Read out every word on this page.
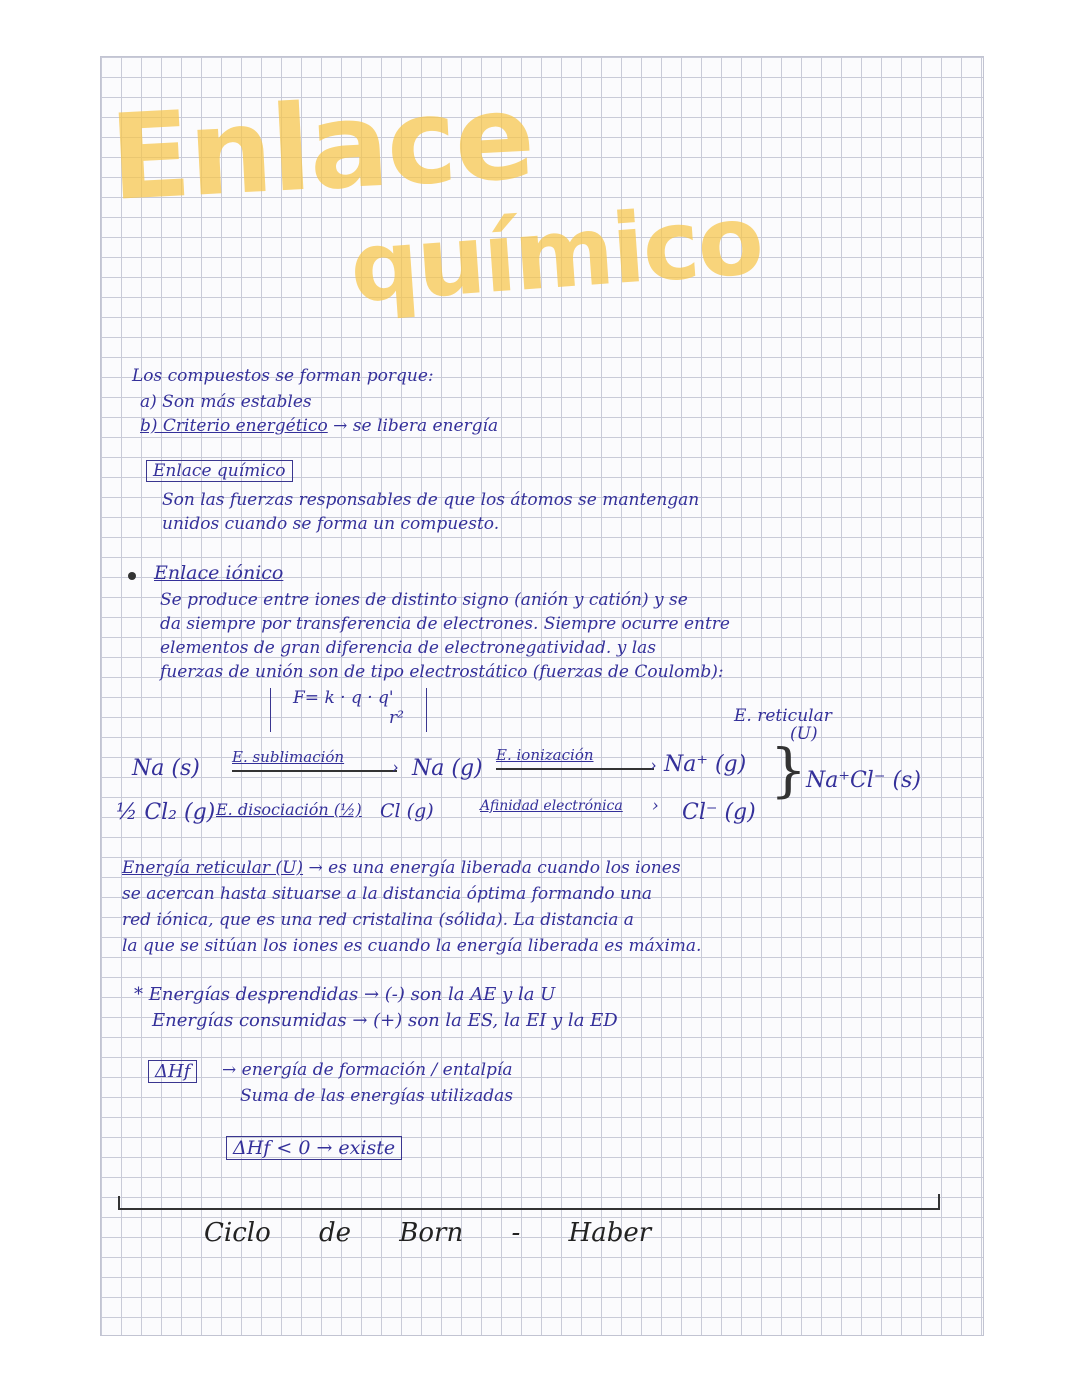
Enlace
químico
Los compuestos se forman porque:
a) Son más estables
b) Criterio energético → se libera energía
Enlace químico
Son las fuerzas responsables de que los átomos se mantengan
unidos cuando se forma un compuesto.
Enlace iónico
Se produce entre iones de distinto signo (anión y catión) y se
da siempre por transferencia de electrones. Siempre ocurre entre
elementos de gran diferencia de electronegatividad. y las
fuerzas de unión son de tipo electrostático (fuerzas de Coulomb):
F= k · q · q'
r²	E. reticular
(U)
Na (s) E. sublimación
› Na (g)
E. ionización
› Na⁺ (g) } Na⁺Cl⁻ (s)
½ Cl₂ (g) E. disociación (½) Cl (g)	Afinidad electrónica › Cl⁻ (g)
Energía reticular (U) → es una energía liberada cuando los iones
se acercan hasta situarse a la distancia óptima formando una
red iónica, que es una red cristalina (sólida). La distancia a
la que se sitúan los iones es cuando la energía liberada es máxima.
* Energías desprendidas → (-) son la AE y la U
Energías consumidas → (+) son la ES, la EI y la ED
ΔHf	→ energía de formación / entalpía
Suma de las energías utilizadas
ΔHf < 0 → existe
Ciclo de Born - Haber
